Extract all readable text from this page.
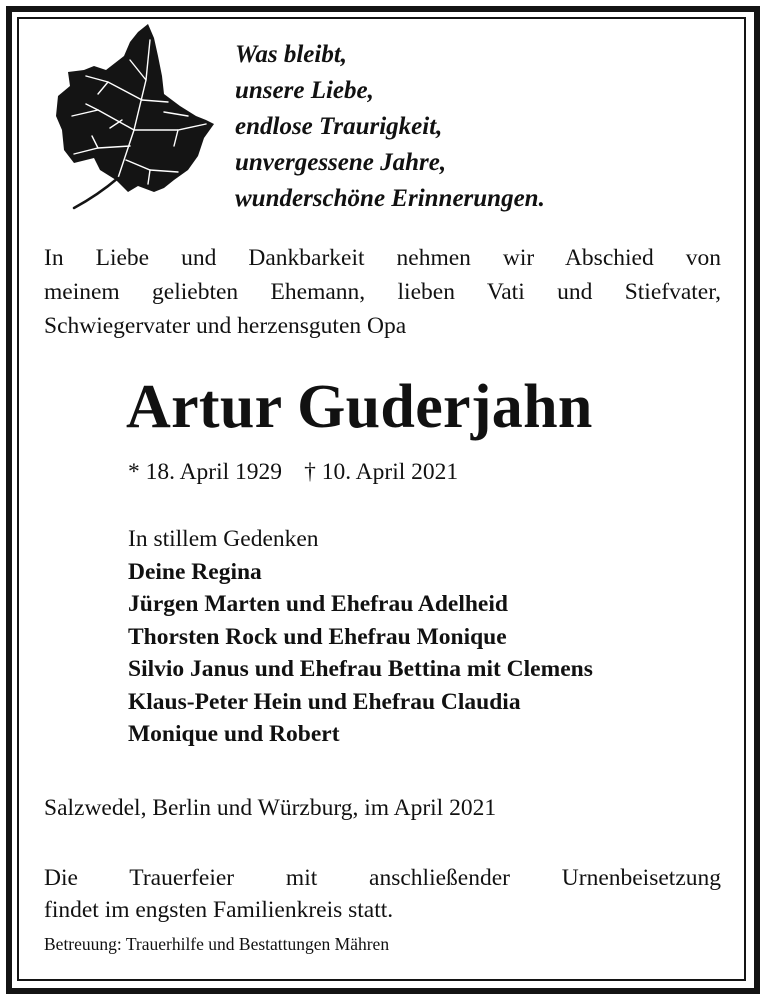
Was bleibt,
unsere Liebe,
endlose Traurigkeit,
unvergessene Jahre,
wunderschöne Erinnerungen.
In Liebe und Dankbarkeit nehmen wir Abschied von
meinem geliebten Ehemann, lieben Vati und Stiefvater,
Schwiegervater und herzensguten Opa
Artur Guderjahn
* 18. April 1929 † 10. April 2021
In stillem Gedenken
Deine Regina
Jürgen Marten und Ehefrau Adelheid
Thorsten Rock und Ehefrau Monique
Silvio Janus und Ehefrau Bettina mit Clemens
Klaus-Peter Hein und Ehefrau Claudia
Monique und Robert
Salzwedel, Berlin und Würzburg, im April 2021
Die Trauerfeier mit anschließender Urnenbeisetzung
findet im engsten Familienkreis statt.
Betreuung: Trauerhilfe und Bestattungen Mähren
